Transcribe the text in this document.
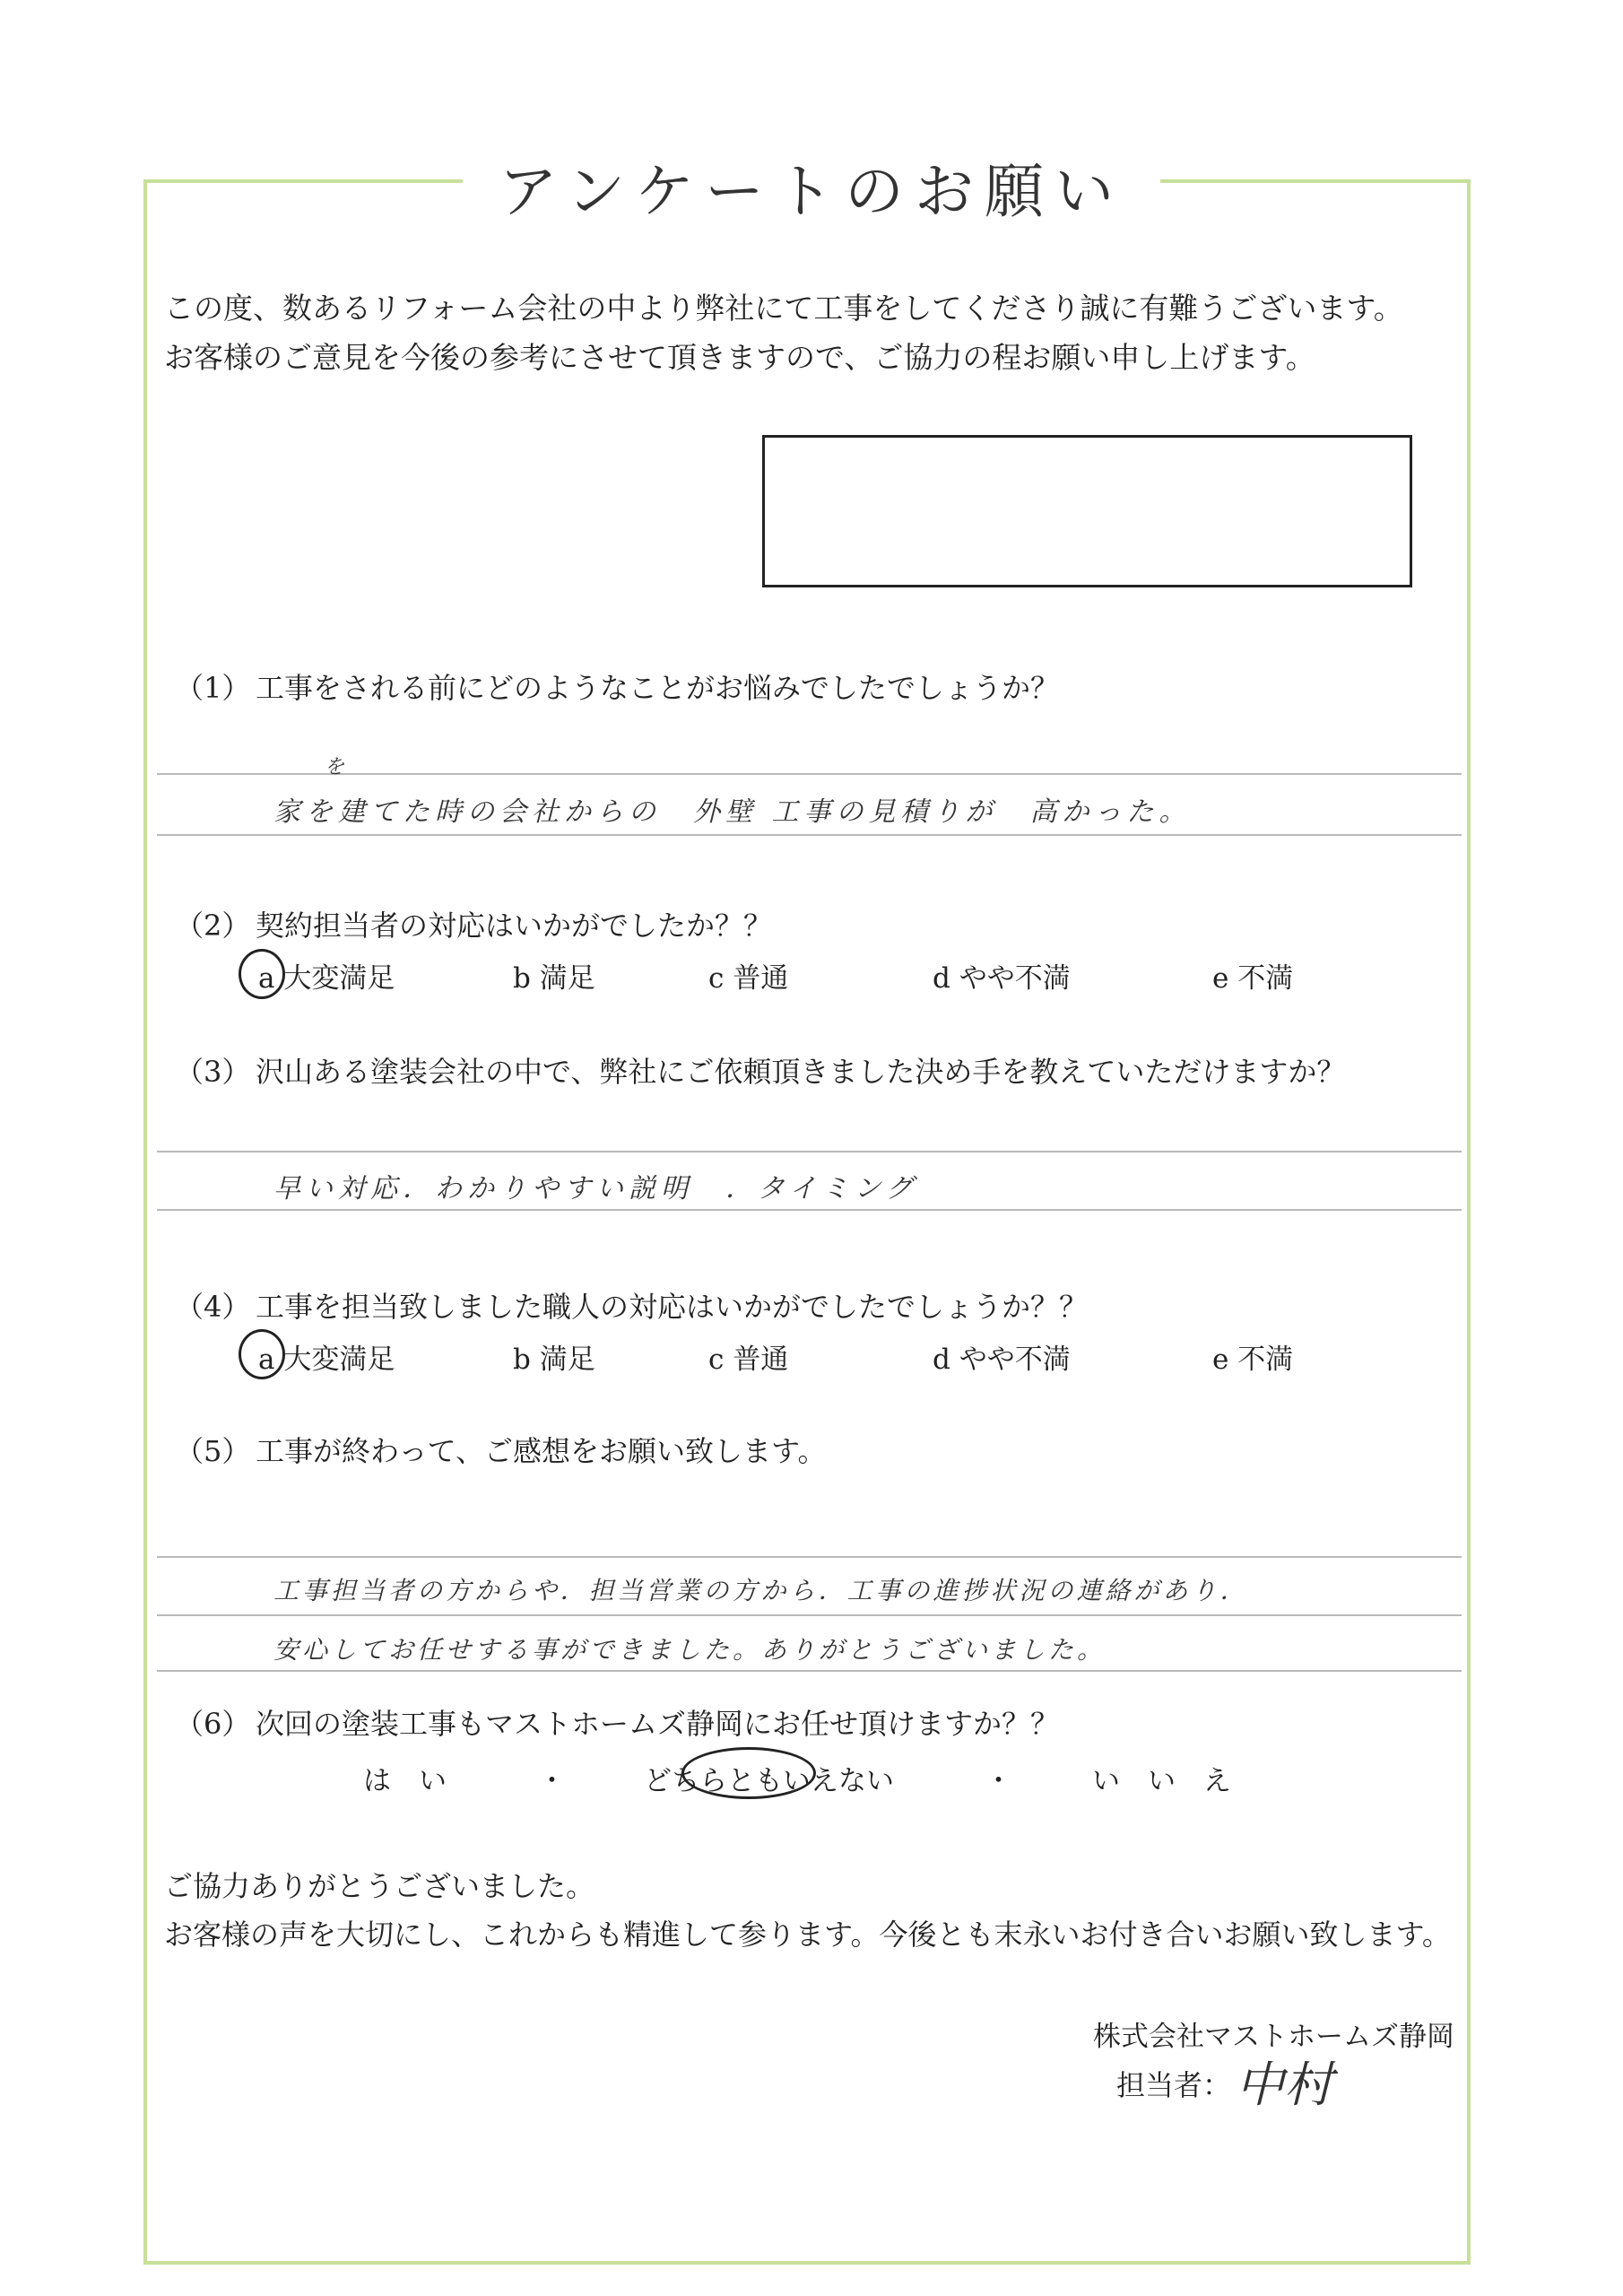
アンケートのお願い
この度、数あるリフォーム会社の中より弊社にて工事をしてくださり誠に有難うございます。
お客様のご意見を今後の参考にさせて頂きますので、ご協力の程お願い申し上げます。
（1） 工事をされる前にどのようなことがお悩みでしたでしょうか？
を
家を建てた時の会社からの　外壁 工事の見積りが　高かった。
（2） 契約担当者の対応はいかがでしたか？？
a 大変満足	b 満足	c 普通	d やや不満	e 不満
（3） 沢山ある塗装会社の中で、弊社にご依頼頂きました決め手を教えていただけますか？
早い対応．わかりやすい説明　．タイミング
（4） 工事を担当致しました職人の対応はいかがでしたでしょうか？？
a 大変満足	b 満足	c 普通	d やや不満	e 不満
（5） 工事が終わって、ご感想をお願い致します。
工事担当者の方からや．担当営業の方から．工事の進捗状況の連絡があり．
安心してお任せする事ができました。ありがとうございました。
（6） 次回の塗装工事もマストホームズ静岡にお任せ頂けますか？？
は　い	・	どちらともいえない	・	い　い　え
ご協力ありがとうございました。
お客様の声を大切にし、これからも精進して参ります。今後とも末永いお付き合いお願い致します。
株式会社マストホームズ静岡
担当者： 中村
